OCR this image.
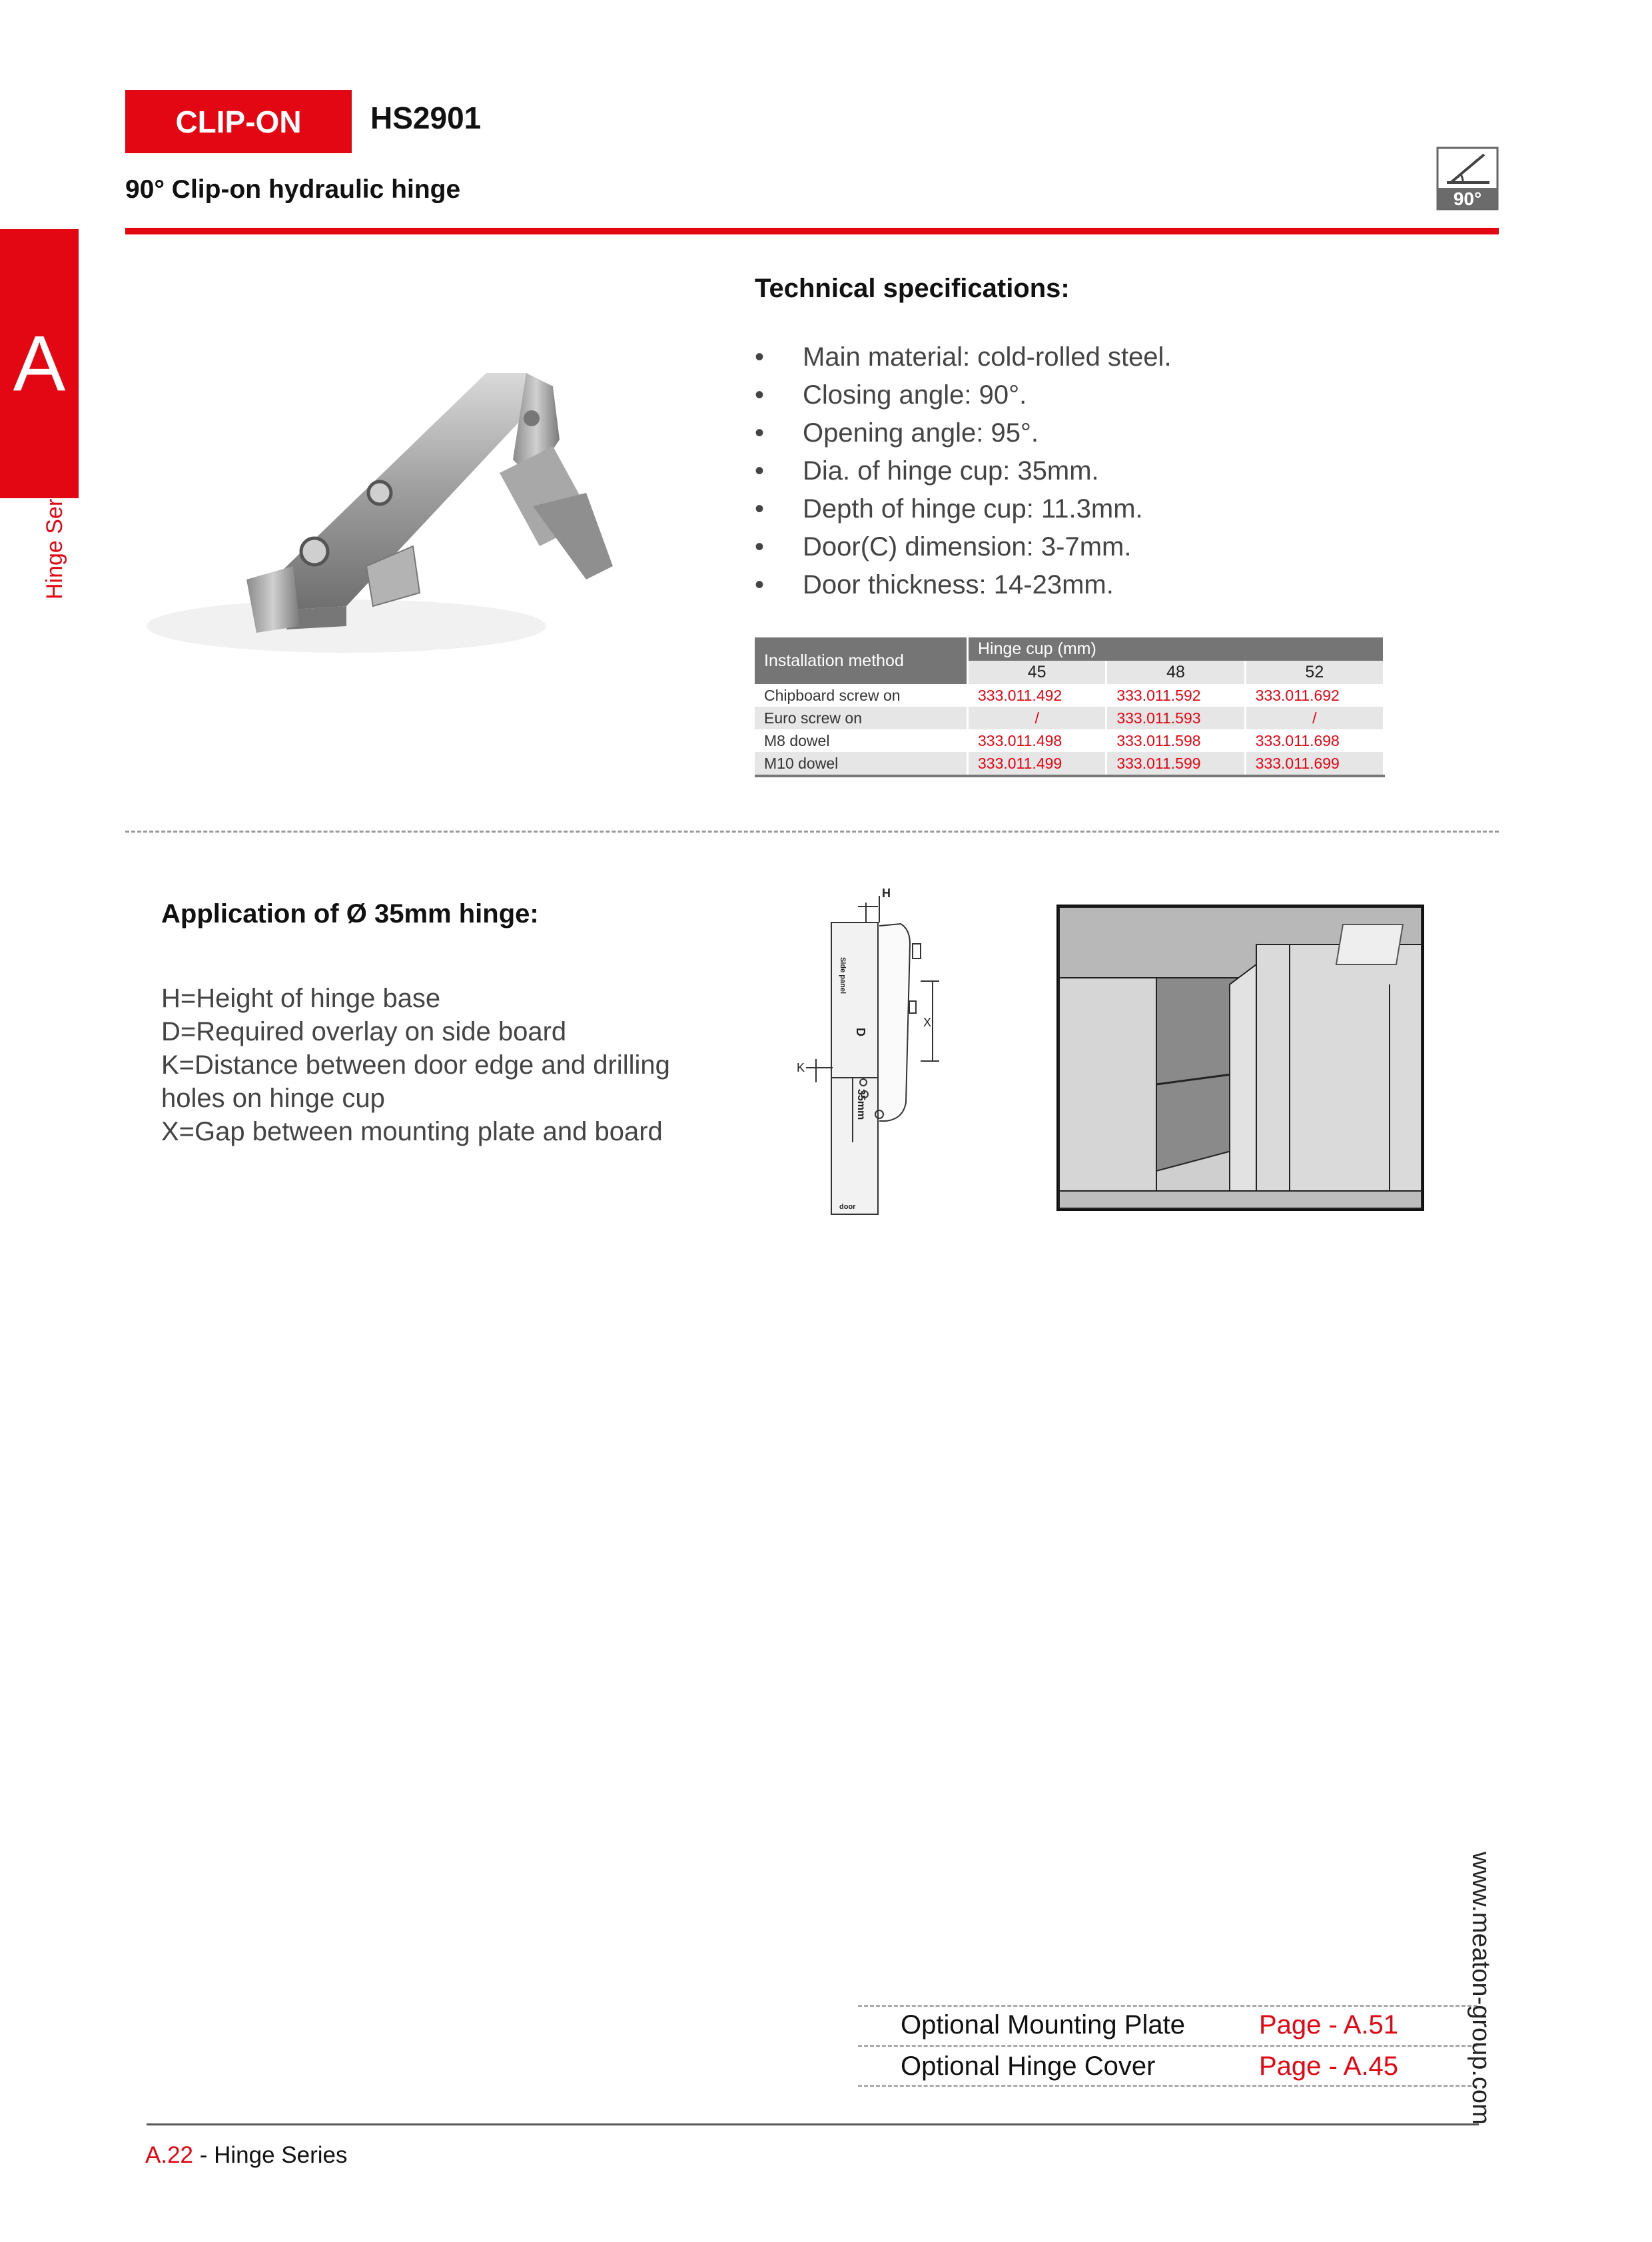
CLIP-ON	HS2901
90° Clip-on hydraulic hinge	90°
A
Hinge Series
Technical specifications:
• Main material: cold-rolled steel.
• Closing angle: 90°.
• Opening angle: 95°.
• Dia. of hinge cup: 35mm.
• Depth of hinge cup: 11.3mm.
• Door(C) dimension: 3-7mm.
• Door thickness: 14-23mm.
Installation method	Hinge cup (mm)		
	45	48	52
Chipboard screw on	333.011.492	333.011.592	333.011.692
Euro screw on	/	333.011.593	/
M8 dowel	333.011.498	333.011.598	333.011.698
M10 dowel	333.011.499	333.011.599	333.011.699
Application of Ø 35mm hinge:
H=Height of hinge base
D=Required overlay on side board
K=Distance between door edge and drilling
holes on hinge cup
X=Gap between mounting plate and board
Side panel
door
H
X
D
K
35mm
Optional Mounting Plate	Page - A.51
Optional Hinge Cover	Page - A.45
A.22 - Hinge Series
www.meaton-group.com
